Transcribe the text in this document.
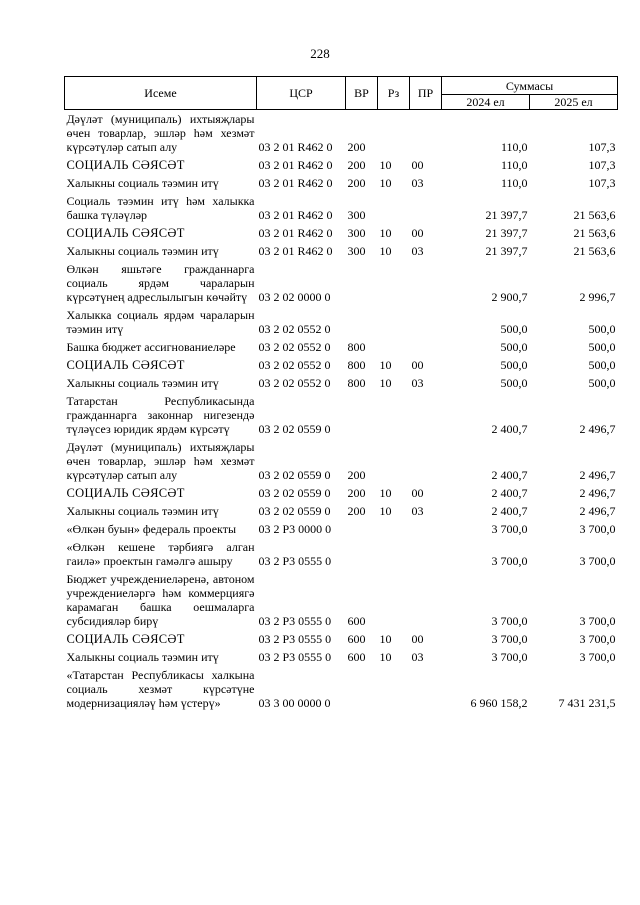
228
Исеме	ЦСР	ВР	Рз	ПР	Суммасы	
					2024 ел	2025 ел
Дәүләт (муниципаль) ихтыяҗлары өчен товарлар, эшләр һәм хезмәт күрсәтүләр сатып алу	03 2 01 R462 0	200			110,0	107,3
СОЦИАЛЬ СӘЯСӘТ	03 2 01 R462 0	200	10	00	110,0	107,3
Халыкны социаль тәэмин итү	03 2 01 R462 0	200	10	03	110,0	107,3
Социаль тәэмин итү һәм халыкка башка түләүләр	03 2 01 R462 0	300			21 397,7	21 563,6
СОЦИАЛЬ СӘЯСӘТ	03 2 01 R462 0	300	10	00	21 397,7	21 563,6
Халыкны социаль тәэмин итү	03 2 01 R462 0	300	10	03	21 397,7	21 563,6
Өлкән яшьтәге гражданнарга социаль ярдәм чараларын күрсәтүнең адреслылыгын көчәйтү	03 2 02 0000 0				2 900,7	2 996,7
Халыкка социаль ярдәм чараларын тәэмин итү	03 2 02 0552 0				500,0	500,0
Башка бюджет ассигнованиеләре	03 2 02 0552 0	800			500,0	500,0
СОЦИАЛЬ СӘЯСӘТ	03 2 02 0552 0	800	10	00	500,0	500,0
Халыкны социаль тәэмин итү	03 2 02 0552 0	800	10	03	500,0	500,0
Татарстан Республикасында гражданнарга законнар нигезендә түләүсез юридик ярдәм күрсәтү	03 2 02 0559 0				2 400,7	2 496,7
Дәүләт (муниципаль) ихтыяҗлары өчен товарлар, эшләр һәм хезмәт күрсәтүләр сатып алу	03 2 02 0559 0	200			2 400,7	2 496,7
СОЦИАЛЬ СӘЯСӘТ	03 2 02 0559 0	200	10	00	2 400,7	2 496,7
Халыкны социаль тәэмин итү	03 2 02 0559 0	200	10	03	2 400,7	2 496,7
«Өлкән буын» федераль проекты	03 2 Р3 0000 0				3 700,0	3 700,0
«Өлкән кешене тәрбиягә алган гаилә» проектын гамәлгә ашыру	03 2 Р3 0555 0				3 700,0	3 700,0
Бюджет учреждениеләренә, автоном учреждениеләргә һәм коммерциягә карамаган башка оешмаларга субсидияләр бирү	03 2 Р3 0555 0	600			3 700,0	3 700,0
СОЦИАЛЬ СӘЯСӘТ	03 2 Р3 0555 0	600	10	00	3 700,0	3 700,0
Халыкны социаль тәэмин итү	03 2 Р3 0555 0	600	10	03	3 700,0	3 700,0
«Татарстан Республикасы халкына социаль хезмәт күрсәтүне модернизацияләү һәм үстерү»	03 3 00 0000 0				6 960 158,2	7 431 231,5
